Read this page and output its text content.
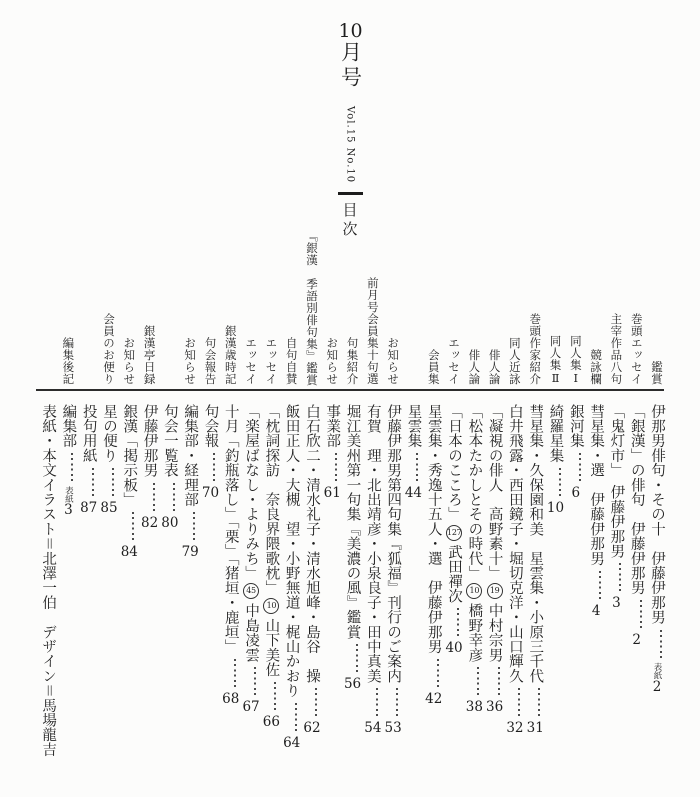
10月号
Vol.15 No.10
目次
鑑賞伊那男俳句・その十　伊藤伊那男表紙2
巻頭エッセイ「銀漢」の俳句　伊藤伊那男2
主宰作品八句「鬼灯市」　伊藤伊那男3
競詠欄彗星集・選　伊藤伊那男4
同人集Ⅰ銀河集6
同人集Ⅱ綺羅星集10
巻頭作家紹介彗星集・久保園和美　星雲集・小原三千代31
同人近詠白井飛露・西田鏡子・堀切克洋・山口輝久32
俳人論「凝視の俳人　高野素十」19中村宗男36
俳人論「松本たかしとその時代」10橋野幸彦38
エッセイ「日本のこころ」127武田禪次40
会員集星雲集・秀逸十五人・選　伊藤伊那男42
星雲集44
お知らせ伊藤伊那男第四句集『狐福』刊行のご案内53
前月号会員集十句選有賀　理・北出靖彦・小泉良子・田中真美54
句集紹介堀江美州第一句集『美濃の風』鑑賞56
お知らせ事業部61
『銀漢　季語別俳句集』鑑賞白石欣二・清水礼子・清水旭峰・島谷　操62
自句自賛飯田正人・大槻　望・小野無道・梶山かおり64
エッセイ「枕詞探訪　奈良界隈歌枕」10山下美佐66
エッセイ「楽屋ばなし・よりみち」45中島凌雲67
銀漢歳時記十月「釣瓶落し」「栗」「猪垣・鹿垣」68
句会報告句会報70
お知らせ編集部・経理部79
句会一覧表80
銀漢亭日録伊藤伊那男82
お知らせ銀漢「掲示板」84
会員のお便り星の便り85
投句用紙87
編集後記編集部表紙3
表紙・本文イラスト＝北澤一伯　デザイン＝馬場龍吉
